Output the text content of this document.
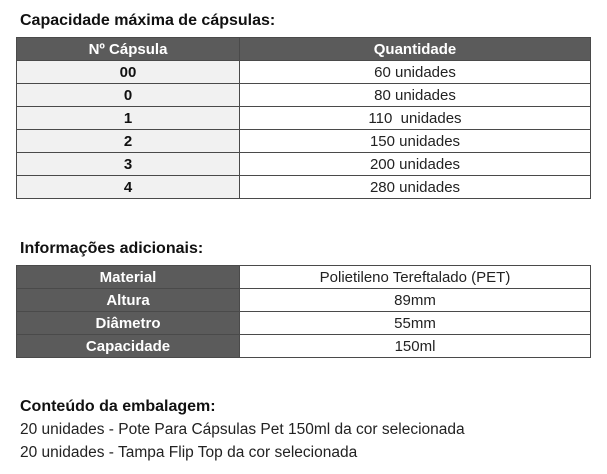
Capacidade máxima de cápsulas:
Nº Cápsula	Quantidade
00	60 unidades
0	80 unidades
1	110  unidades
2	150 unidades
3	200 unidades
4	280 unidades
Informações adicionais:
Material	Polietileno Tereftalado (PET)
Altura	89mm
Diâmetro	55mm
Capacidade	150ml
Conteúdo da embalagem:
20 unidades - Pote Para Cápsulas Pet 150ml da cor selecionada
20 unidades - Tampa Flip Top da cor selecionada
